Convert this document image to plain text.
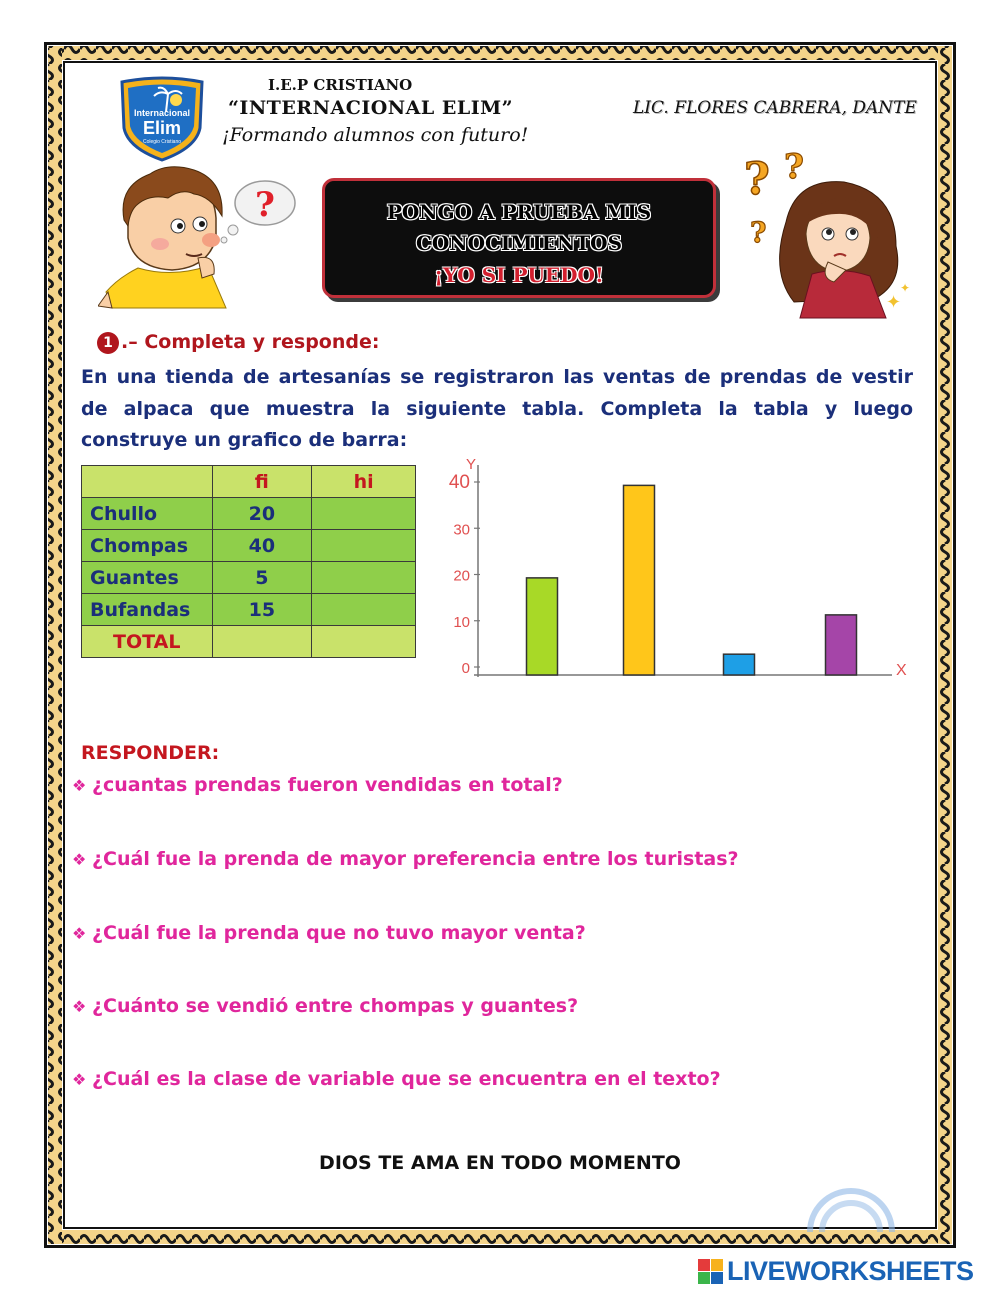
Internacional
Elim
Colegio Cristiano
I.E.P CRISTIANO
“INTERNACIONAL ELIM”
¡Formando alumnos con futuro!
LIC. FLORES CABRERA, DANTE
?	? ?
?
✦
✦
PONGO A PRUEBA MIS
CONOCIMIENTOS
¡YO SI PUEDO!
1 .– Completa y responde:
En una tienda de artesanías se registraron las ventas de prendas de vestir de alpaca que muestra la siguiente tabla. Completa la tabla y luego construye un grafico de barra:
	fi	hi
Chullo	20	
Chompas	40	
Guantes	5	
Bufandas	15	
TOTAL		
Y
X
0
10
20
30
40
RESPONDER:
❖ ¿cuantas prendas fueron vendidas en total?
❖ ¿Cuál fue la prenda de mayor preferencia entre los turistas?
❖ ¿Cuál fue la prenda que no tuvo mayor venta?
❖ ¿Cuánto se vendió entre chompas y guantes?
❖ ¿Cuál es la clase de variable que se encuentra en el texto?
DIOS TE AMA EN TODO MOMENTO
LIVEWORKSHEETS
